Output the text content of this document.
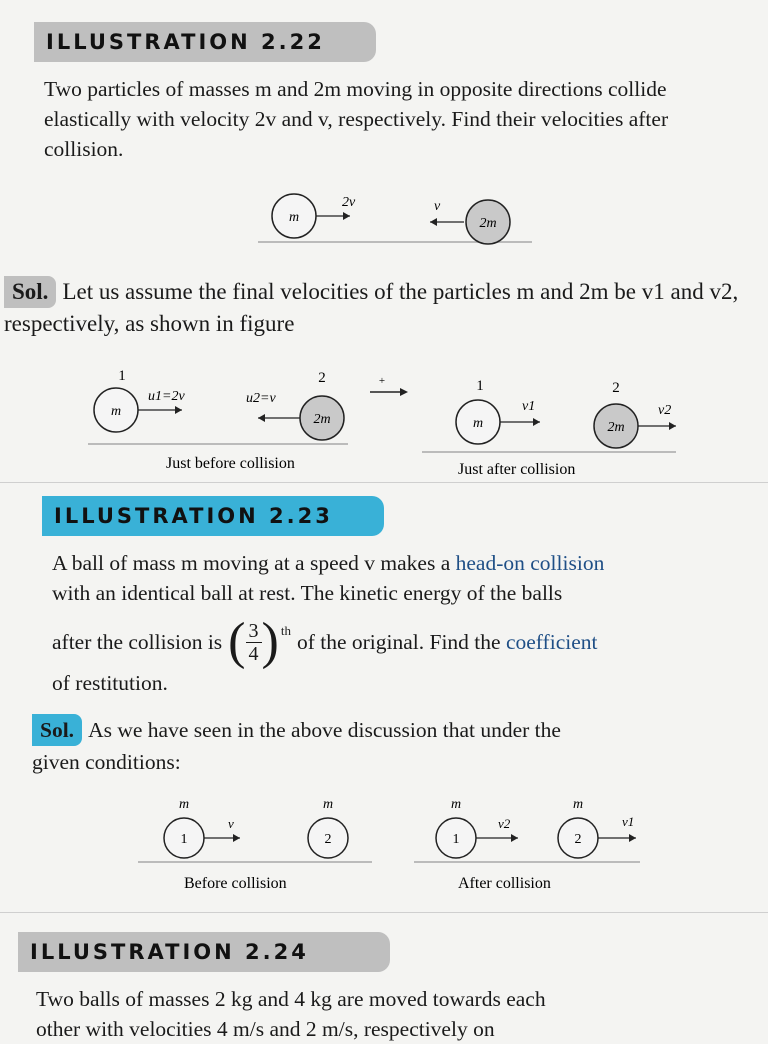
ILLUSTRATION 2.22

Two particles of masses m and 2m moving in opposite directions collide elastically with velocity 2v and v, respectively. Find their velocities after collision.

m
2v
2m
v

Sol. Let us assume the final velocities of the particles m and 2m be v1 and v2, respectively, as shown in figure

1
m
u1=2v
2
2m
u2=v
Just before collision
+	1
m
v1
2
2m
v2
Just after collision
ILLUSTRATION 2.23

A ball of mass m moving at a speed v makes a head-on collision

with an identical ball at rest. The kinetic energy of the balls

after the collision is ( $\frac{3}{4} )^{th}$ of the original. Find the coefficient

of restitution.

Sol. As we have seen in the above discussion that under the

given conditions:

m
1
v
m
2
Before collision
m
1
v2
m
2
v1
After collision
ILLUSTRATION 2.24

Two balls of masses 2 kg and 4 kg are moved towards each

other with velocities 4 m/s and 2 m/s, respectively on
